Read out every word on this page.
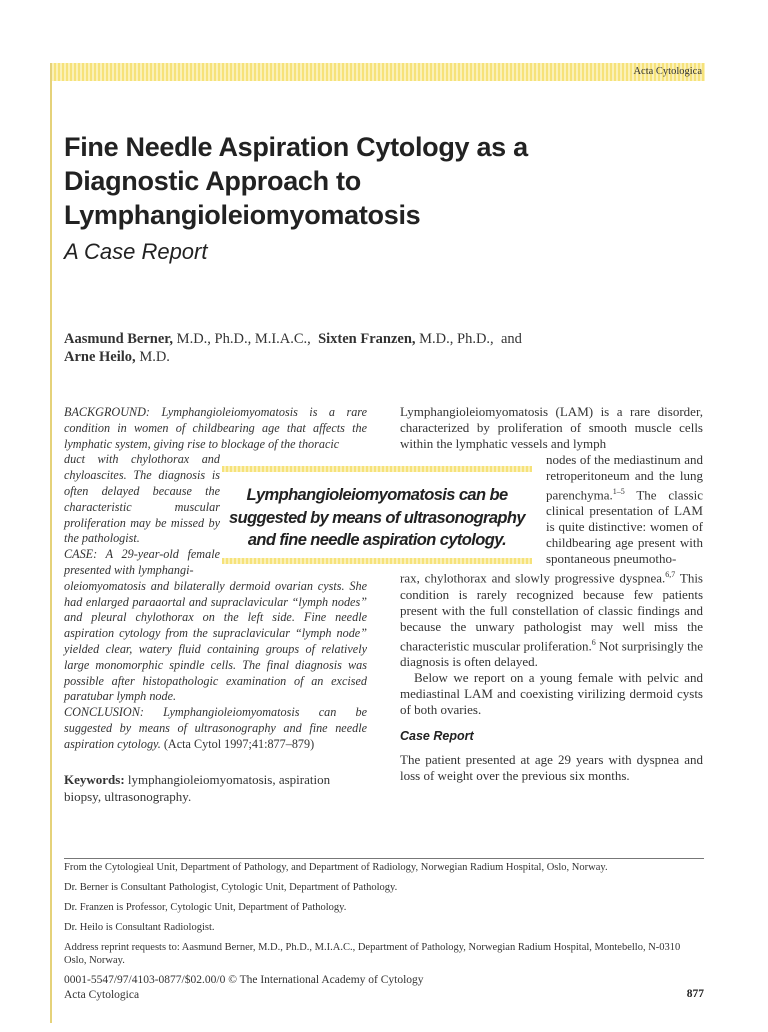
Acta Cytologica
Fine Needle Aspiration Cytology as a Diagnostic Approach to Lymphangioleiomyomatosis
A Case Report
Aasmund Berner, M.D., Ph.D., M.I.A.C., Sixten Franzen, M.D., Ph.D., and
Arne Heilo, M.D.
BACKGROUND: Lymphangioleiomyomatosis is a rare condition in women of childbearing age that affects the lymphatic system, giving rise to blockage of the thoracic
duct with chylothorax and chyloascites. The diagnosis is often delayed because the characteristic muscular proliferation may be missed by the pathologist.
CASE: A 29-year-old female presented with lymphangi-
oleiomyomatosis and bilaterally dermoid ovarian cysts. She had enlarged paraaortal and supraclavicular “lymph nodes” and pleural chylothorax on the left side. Fine needle aspiration cytology from the supraclavicular “lymph node” yielded clear, watery fluid containing groups of relatively large monomorphic spindle cells. The final diagnosis was possible after histopathologic examination of an excised paratubar lymph node.
CONCLUSION: Lymphangioleiomyomatosis can be suggested by means of ultrasonography and fine needle aspiration cytology. (Acta Cytol 1997;41:877–879)
Keywords: lymphangioleiomyomatosis, aspiration biopsy, ultrasonography.
Lymphangioleiomyomatosis can be suggested by means of ultrasonography and fine needle aspiration cytology.

Lymphangioleiomyomatosis (LAM) is a rare disorder, characterized by proliferation of smooth muscle cells within the lymphatic vessels and lymph

nodes of the mediastinum and retroperitoneum and the lung parenchyma.$^{1-5}$ The classic clinical presentation of LAM is quite distinctive: women of childbearing age present with spontaneous pneumotho-

rax, chylothorax and slowly progressive dyspnea.$^{6,7}$ This condition is rarely recognized because few patients present with the full constellation of classic findings and because the unwary pathologist may well miss the characteristic muscular proliferation.$^6$ Not surprisingly the diagnosis is often delayed.

Below we report on a young female with pelvic and mediastinal LAM and coexisting virilizing dermoid cysts of both ovaries.

Case Report

The patient presented at age 29 years with dyspnea and loss of weight over the previous six months.

From the Cytologieal Unit, Department of Pathology, and Department of Radiology, Norwegian Radium Hospital, Oslo, Norway.

Dr. Berner is Consultant Pathologist, Cytologic Unit, Department of Pathology.

Dr. Franzen is Professor, Cytologic Unit, Department of Pathology.

Dr. Heilo is Consultant Radiologist.

Address reprint requests to: Aasmund Berner, M.D., Ph.D., M.I.A.C., Department of Pathology, Norwegian Radium Hospital, Montebello, N-0310 Oslo, Norway.

0001-5547/97/4103-0877/$02.00/0 © The International Academy of Cytology
Acta Cytologica	877
